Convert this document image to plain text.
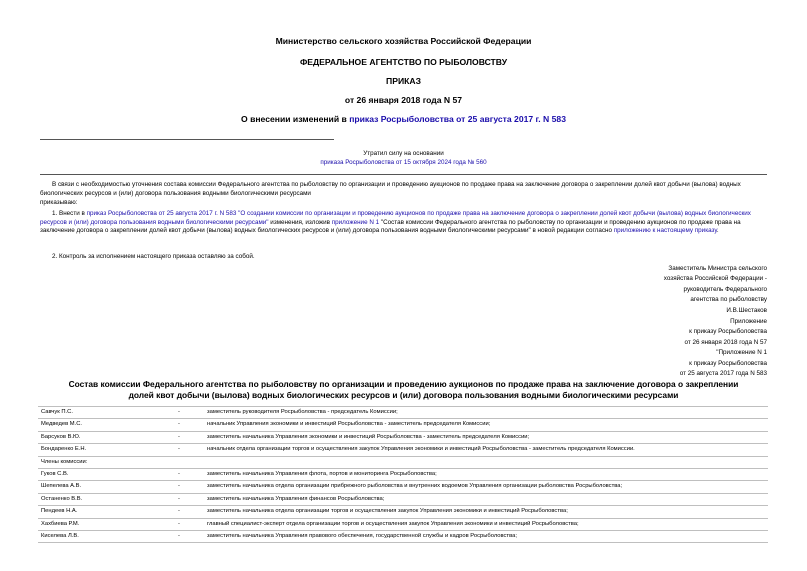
Министерство сельского хозяйства Российской Федерации
ФЕДЕРАЛЬНОЕ АГЕНТСТВО ПО РЫБОЛОВСТВУ
ПРИКАЗ
от 26 января 2018 года N 57
О внесении изменений в приказ Росрыболовства от 25 августа 2017 г. N 583
Утратил силу на основании
приказа Росрыболовства от 15 октября 2024 года № 560
В связи с необходимостью уточнения состава комиссии Федерального агентства по рыболовству по организации и проведению аукционов по продаже права на заключение договора о закреплении долей квот добычи (вылова) водных биологических ресурсов и (или) договора пользования водными биологическими ресурсами
приказываю:
1. Внести в приказ Росрыболовства от 25 августа 2017 г. N 583 "О создании комиссии по организации и проведению аукционов по продаже права на заключение договора о закреплении долей квот добычи (вылова) водных биологических ресурсов и (или) договора пользования водными биологическими ресурсами" изменения, изложив приложение N 1 "Состав комиссии Федерального агентства по рыболовству по организации и проведению аукционов по продаже права на заключение договора о закреплении долей квот добычи (вылова) водных биологических ресурсов и (или) договора пользования водными биологическими ресурсами" в новой редакции согласно приложению к настоящему приказу.
2. Контроль за исполнением настоящего приказа оставляю за собой.
Заместитель Министра сельского
хозяйства Российской Федерации -
руководитель Федерального
агентства по рыболовству
И.В.Шестаков
Приложение
к приказу Росрыболовства
от 26 января 2018 года N 57
"Приложение N 1
к приказу Росрыболовства
от 25 августа 2017 года N 583
Состав комиссии Федерального агентства по рыболовству по организации и проведению аукционов по продаже права на заключение договора о закреплении
долей квот добычи (вылова) водных биологических ресурсов и (или) договора пользования водными биологическими ресурсами
Савчук П.С.	-	заместитель руководителя Росрыболовства - председатель Комиссии;
Медведев М.С.	-	начальник Управления экономики и инвестиций Росрыболовства - заместитель председателя Комиссии;
Барсуков В.Ю.	-	заместитель начальника Управления экономики и инвестиций Росрыболовства - заместитель председателя Комиссии;
Бондаренко Е.Н.	-	начальник отдела организации торгов и осуществления закупок Управления экономики и инвестиций Росрыболовства - заместитель председателя Комиссии.
Члены комиссии:
Гуков С.В.	-	заместитель начальника Управления флота, портов и мониторинга Росрыболовства;
Шепелева А.В.	-	заместитель начальника отдела организации прибрежного рыболовства и внутренних водоемов Управления организации рыболовства Росрыболовства;
Останенко В.В.	-	заместитель начальника Управления финансов Росрыболовства;
Пендеев Н.А.	-	заместитель начальника отдела организации торгов и осуществления закупок Управления экономики и инвестиций Росрыболовства;
Хахбиева Р.М.	-	главный специалист-эксперт отдела организации торгов и осуществления закупок Управления экономики и инвестиций Росрыболовства;
Киселева Л.В.	-	заместитель начальника Управления правового обеспечения, государственной службы и кадров Росрыболовства;
